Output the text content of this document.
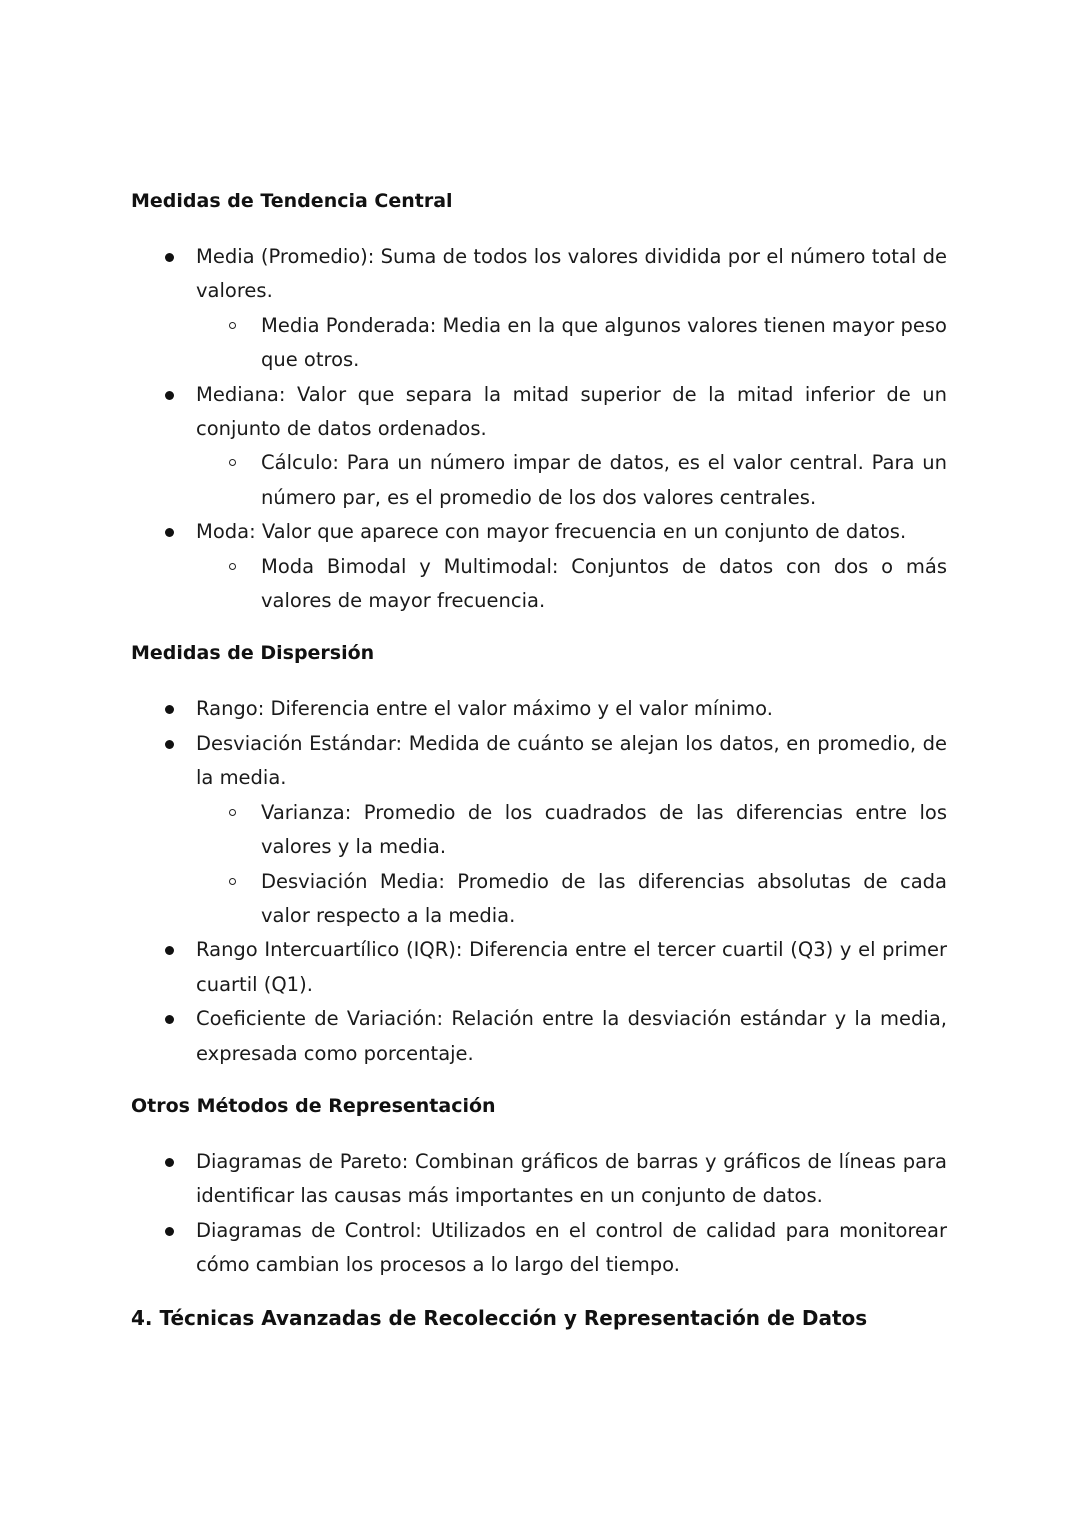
Medidas de Tendencia Central
Media (Promedio): Suma de todos los valores dividida por el número total de valores.
Media Ponderada: Media en la que algunos valores tienen mayor peso que otros.
Mediana: Valor que separa la mitad superior de la mitad inferior de un conjunto de datos ordenados.
Cálculo: Para un número impar de datos, es el valor central. Para un número par, es el promedio de los dos valores centrales.
Moda: Valor que aparece con mayor frecuencia en un conjunto de datos.
Moda Bimodal y Multimodal: Conjuntos de datos con dos o más valores de mayor frecuencia.
Medidas de Dispersión
Rango: Diferencia entre el valor máximo y el valor mínimo.
Desviación Estándar: Medida de cuánto se alejan los datos, en promedio, de la media.
Varianza: Promedio de los cuadrados de las diferencias entre los valores y la media.
Desviación Media: Promedio de las diferencias absolutas de cada valor respecto a la media.
Rango Intercuartílico (IQR): Diferencia entre el tercer cuartil (Q3) y el primer cuartil (Q1).
Coeficiente de Variación: Relación entre la desviación estándar y la media, expresada como porcentaje.
Otros Métodos de Representación
Diagramas de Pareto: Combinan gráficos de barras y gráficos de líneas para identificar las causas más importantes en un conjunto de datos.
Diagramas de Control: Utilizados en el control de calidad para monitorear cómo cambian los procesos a lo largo del tiempo.
4. Técnicas Avanzadas de Recolección y Representación de Datos
